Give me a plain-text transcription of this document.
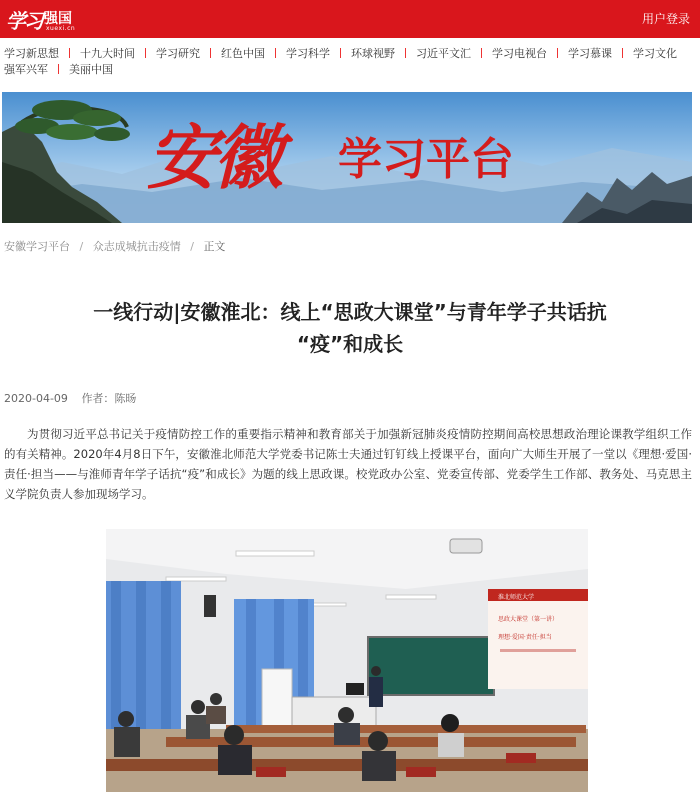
学习 强国
xuexi.cn
用户登录
学习新思想 十九大时间 学习研究 红色中国 学习科学 环球视野 习近平文汇 学习电视台 学习慕课 学习文化
强军兴军 美丽中国
安徽	学习平台
安徽学习平台 / 众志成城抗击疫情 / 正文
一线行动|安徽淮北：线上“思政大课堂”与青年学子共话抗
“疫”和成长
2020-04-09 作者：陈旸

为贯彻习近平总书记关于疫情防控工作的重要指示精神和教育部关于加强新冠肺炎疫情防控期间高校思想政治理论课教学组织工作的有关精神。2020年4月8日下午，安徽淮北师范大学党委书记陈士夫通过钉钉线上授课平台，面向广大师生开展了一堂以《理想·爱国·责任·担当——与淮师青年学子话抗“疫”和成长》为题的线上思政课。校党政办公室、党委宣传部、党委学生工作部、教务处、马克思主义学院负责人参加现场学习。

淮北师范大学
思政大课堂（第一讲）
理想·爱国·责任·担当
